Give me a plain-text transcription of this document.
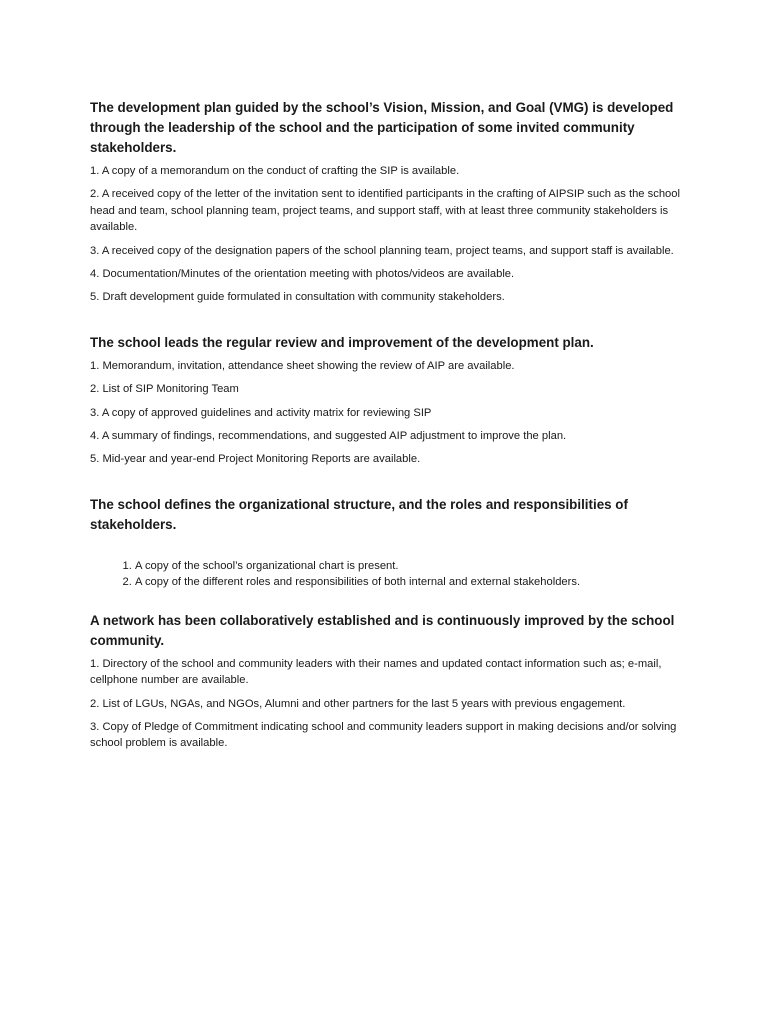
The development plan guided by the school’s Vision, Mission, and Goal (VMG) is developed through the leadership of the school and the participation of some invited community stakeholders.
1. A copy of a memorandum on the conduct of crafting the SIP is available.
2. A received copy of the letter of the invitation sent to identified participants in the crafting of AIPSIP such as the school head and team, school planning team, project teams, and support staff, with at least three community stakeholders is available.
3. A received copy of the designation papers of the school planning team, project teams, and support staff is available.
4. Documentation/Minutes of the orientation meeting with photos/videos are available.
5. Draft development guide formulated in consultation with community stakeholders.
The school leads the regular review and improvement of the development plan.
1. Memorandum, invitation, attendance sheet showing the review of AIP are available.
2. List of SIP Monitoring Team
3. A copy of approved guidelines and activity matrix for reviewing SIP
4. A summary of findings, recommendations, and suggested AIP adjustment to improve the plan.
5. Mid-year and year-end Project Monitoring Reports are available.
The school defines the organizational structure, and the roles and responsibilities of stakeholders.
1. A copy of the school’s organizational chart is present.
2. A copy of the different roles and responsibilities of both internal and external stakeholders.
A network has been collaboratively established and is continuously improved by the school community.
1. Directory of the school and community leaders with their names and updated contact information such as; e-mail, cellphone number are available.
2. List of LGUs, NGAs, and NGOs, Alumni and other partners for the last 5 years with previous engagement.
3. Copy of Pledge of Commitment indicating school and community leaders support in making decisions and/or solving school problem is available.
